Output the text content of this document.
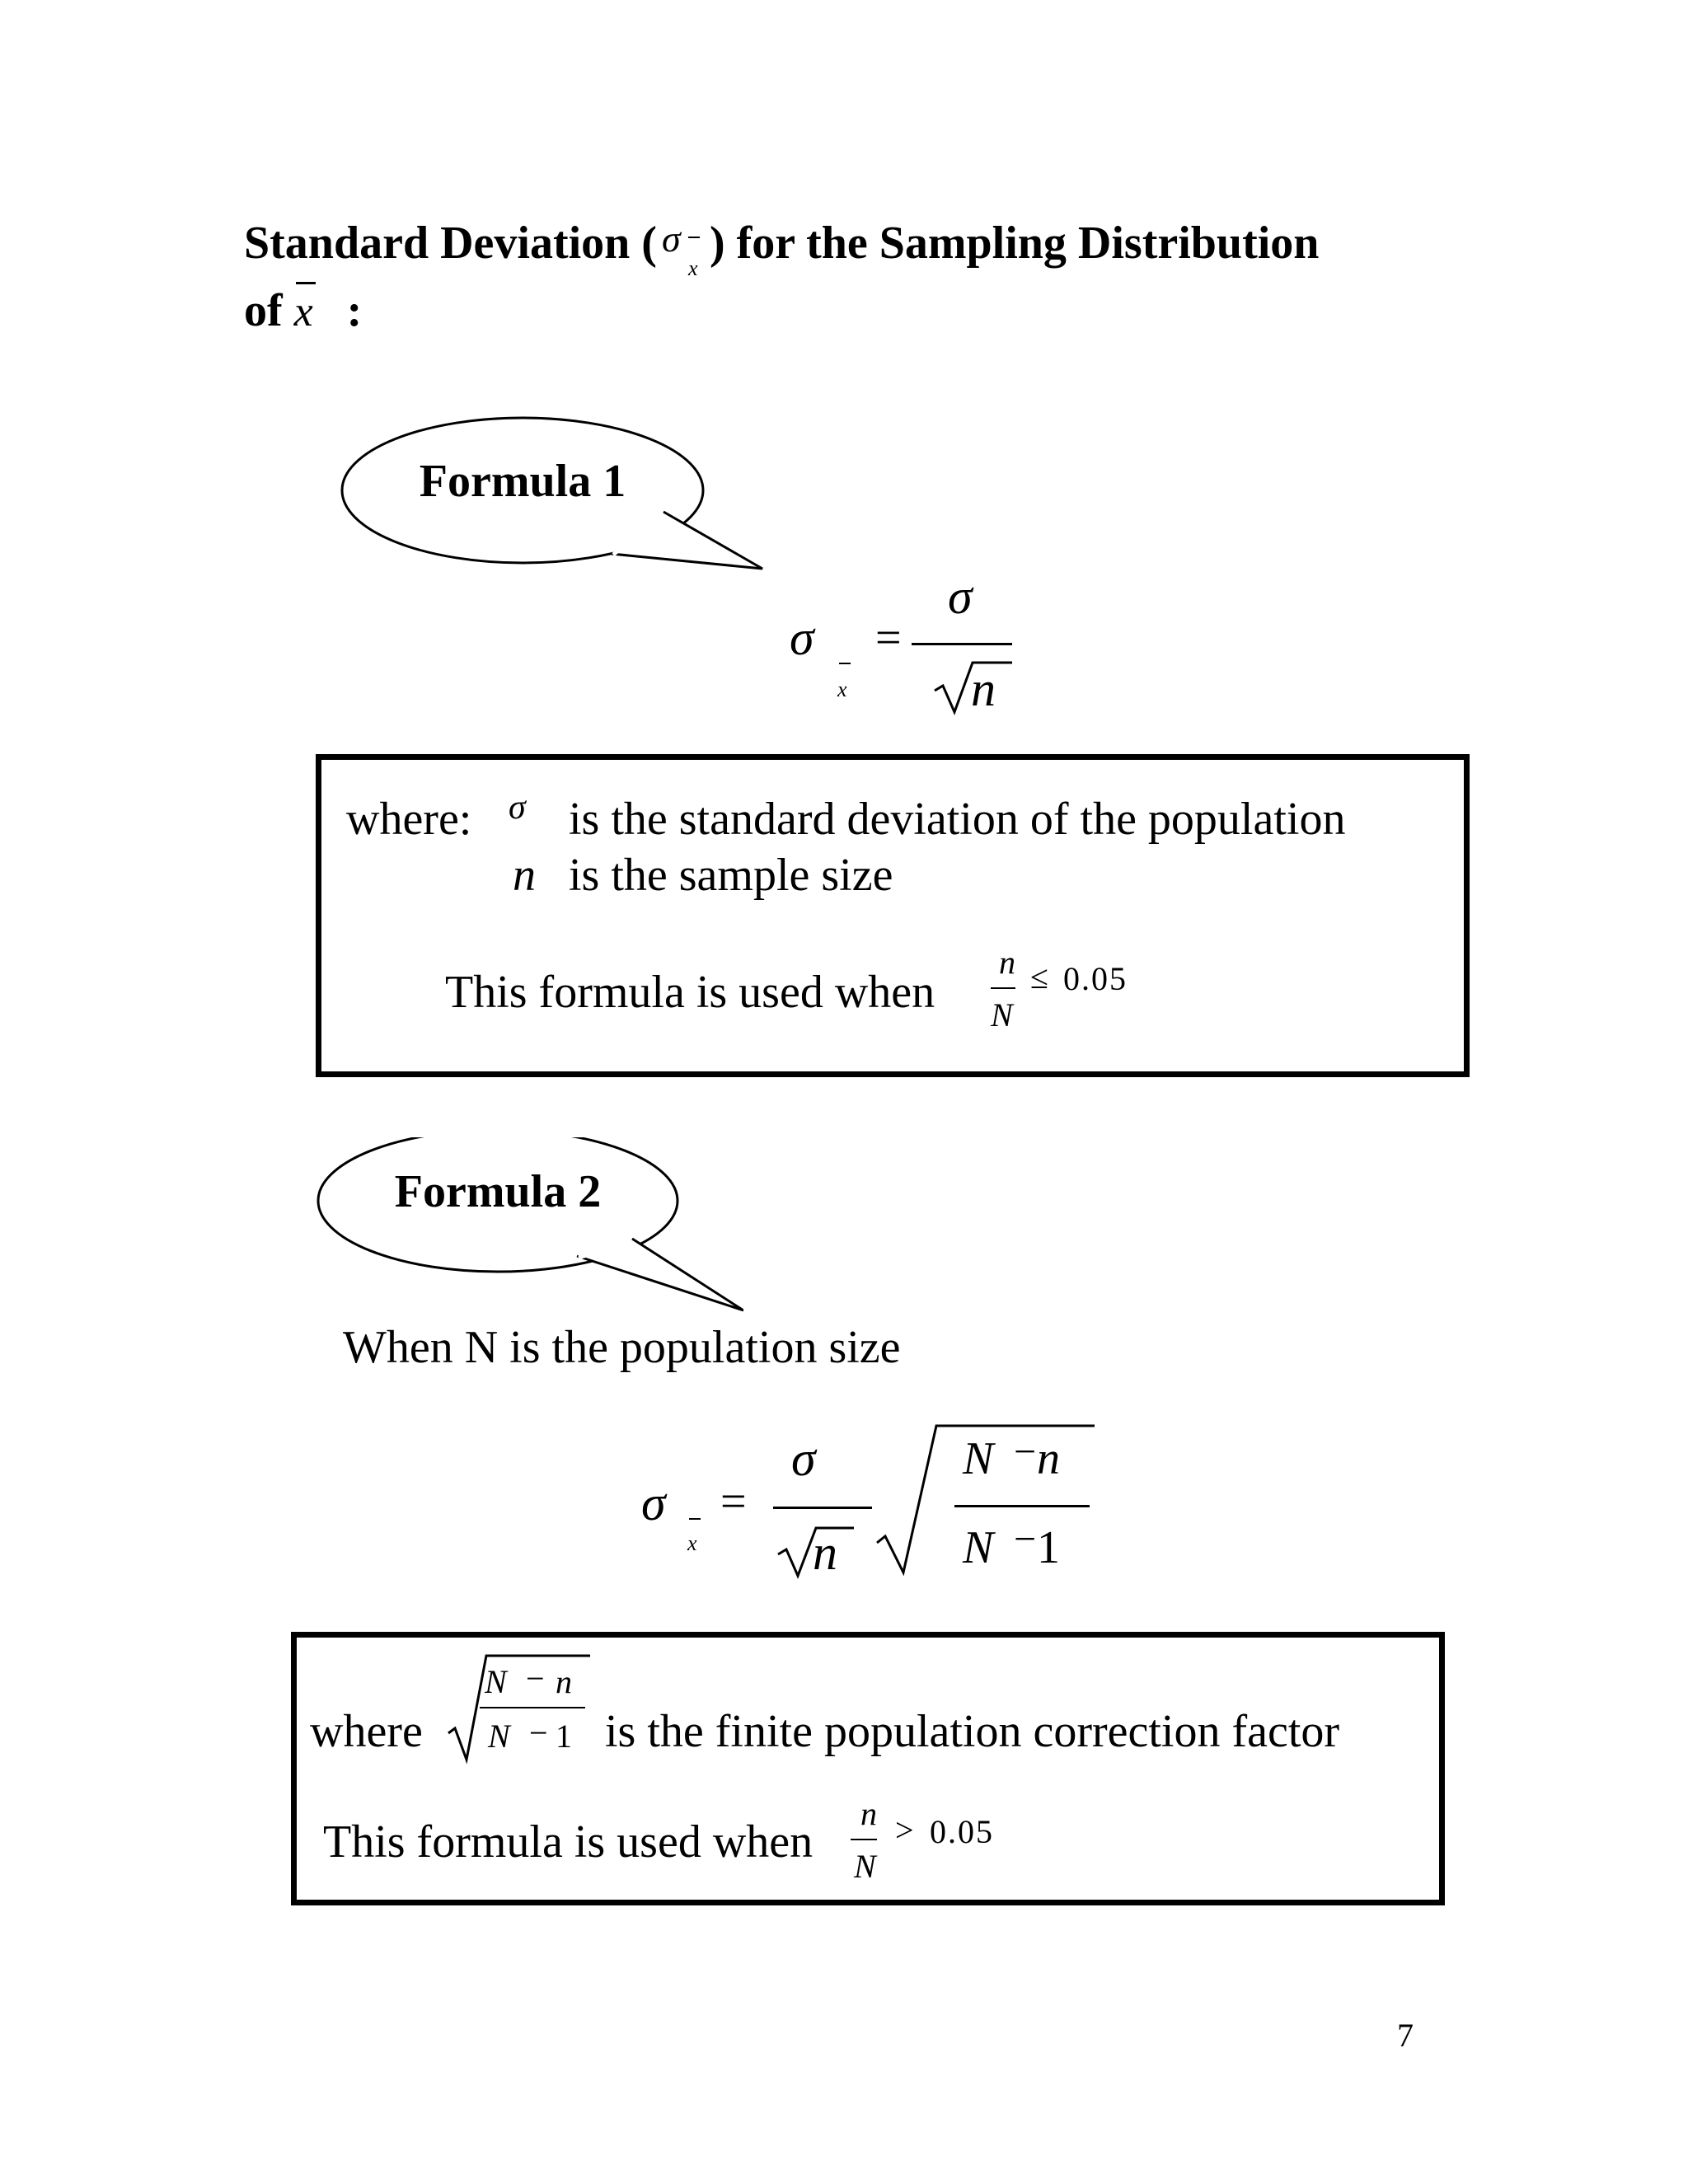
Standard Deviation ( σ
x ) for the Sampling Distribution
of x :
Formula 1
σ
x
=
σ
n
where: σ is the standard deviation of the population
n is the sample size
This formula is used when
n
N
≤ 0.05
Formula 2
When N is the population size
σ
x
=
σ
n
N − n
N − 1
where
N − n
N − 1 is the finite population correction factor
This formula is used when
n
N
> 0.05
7
